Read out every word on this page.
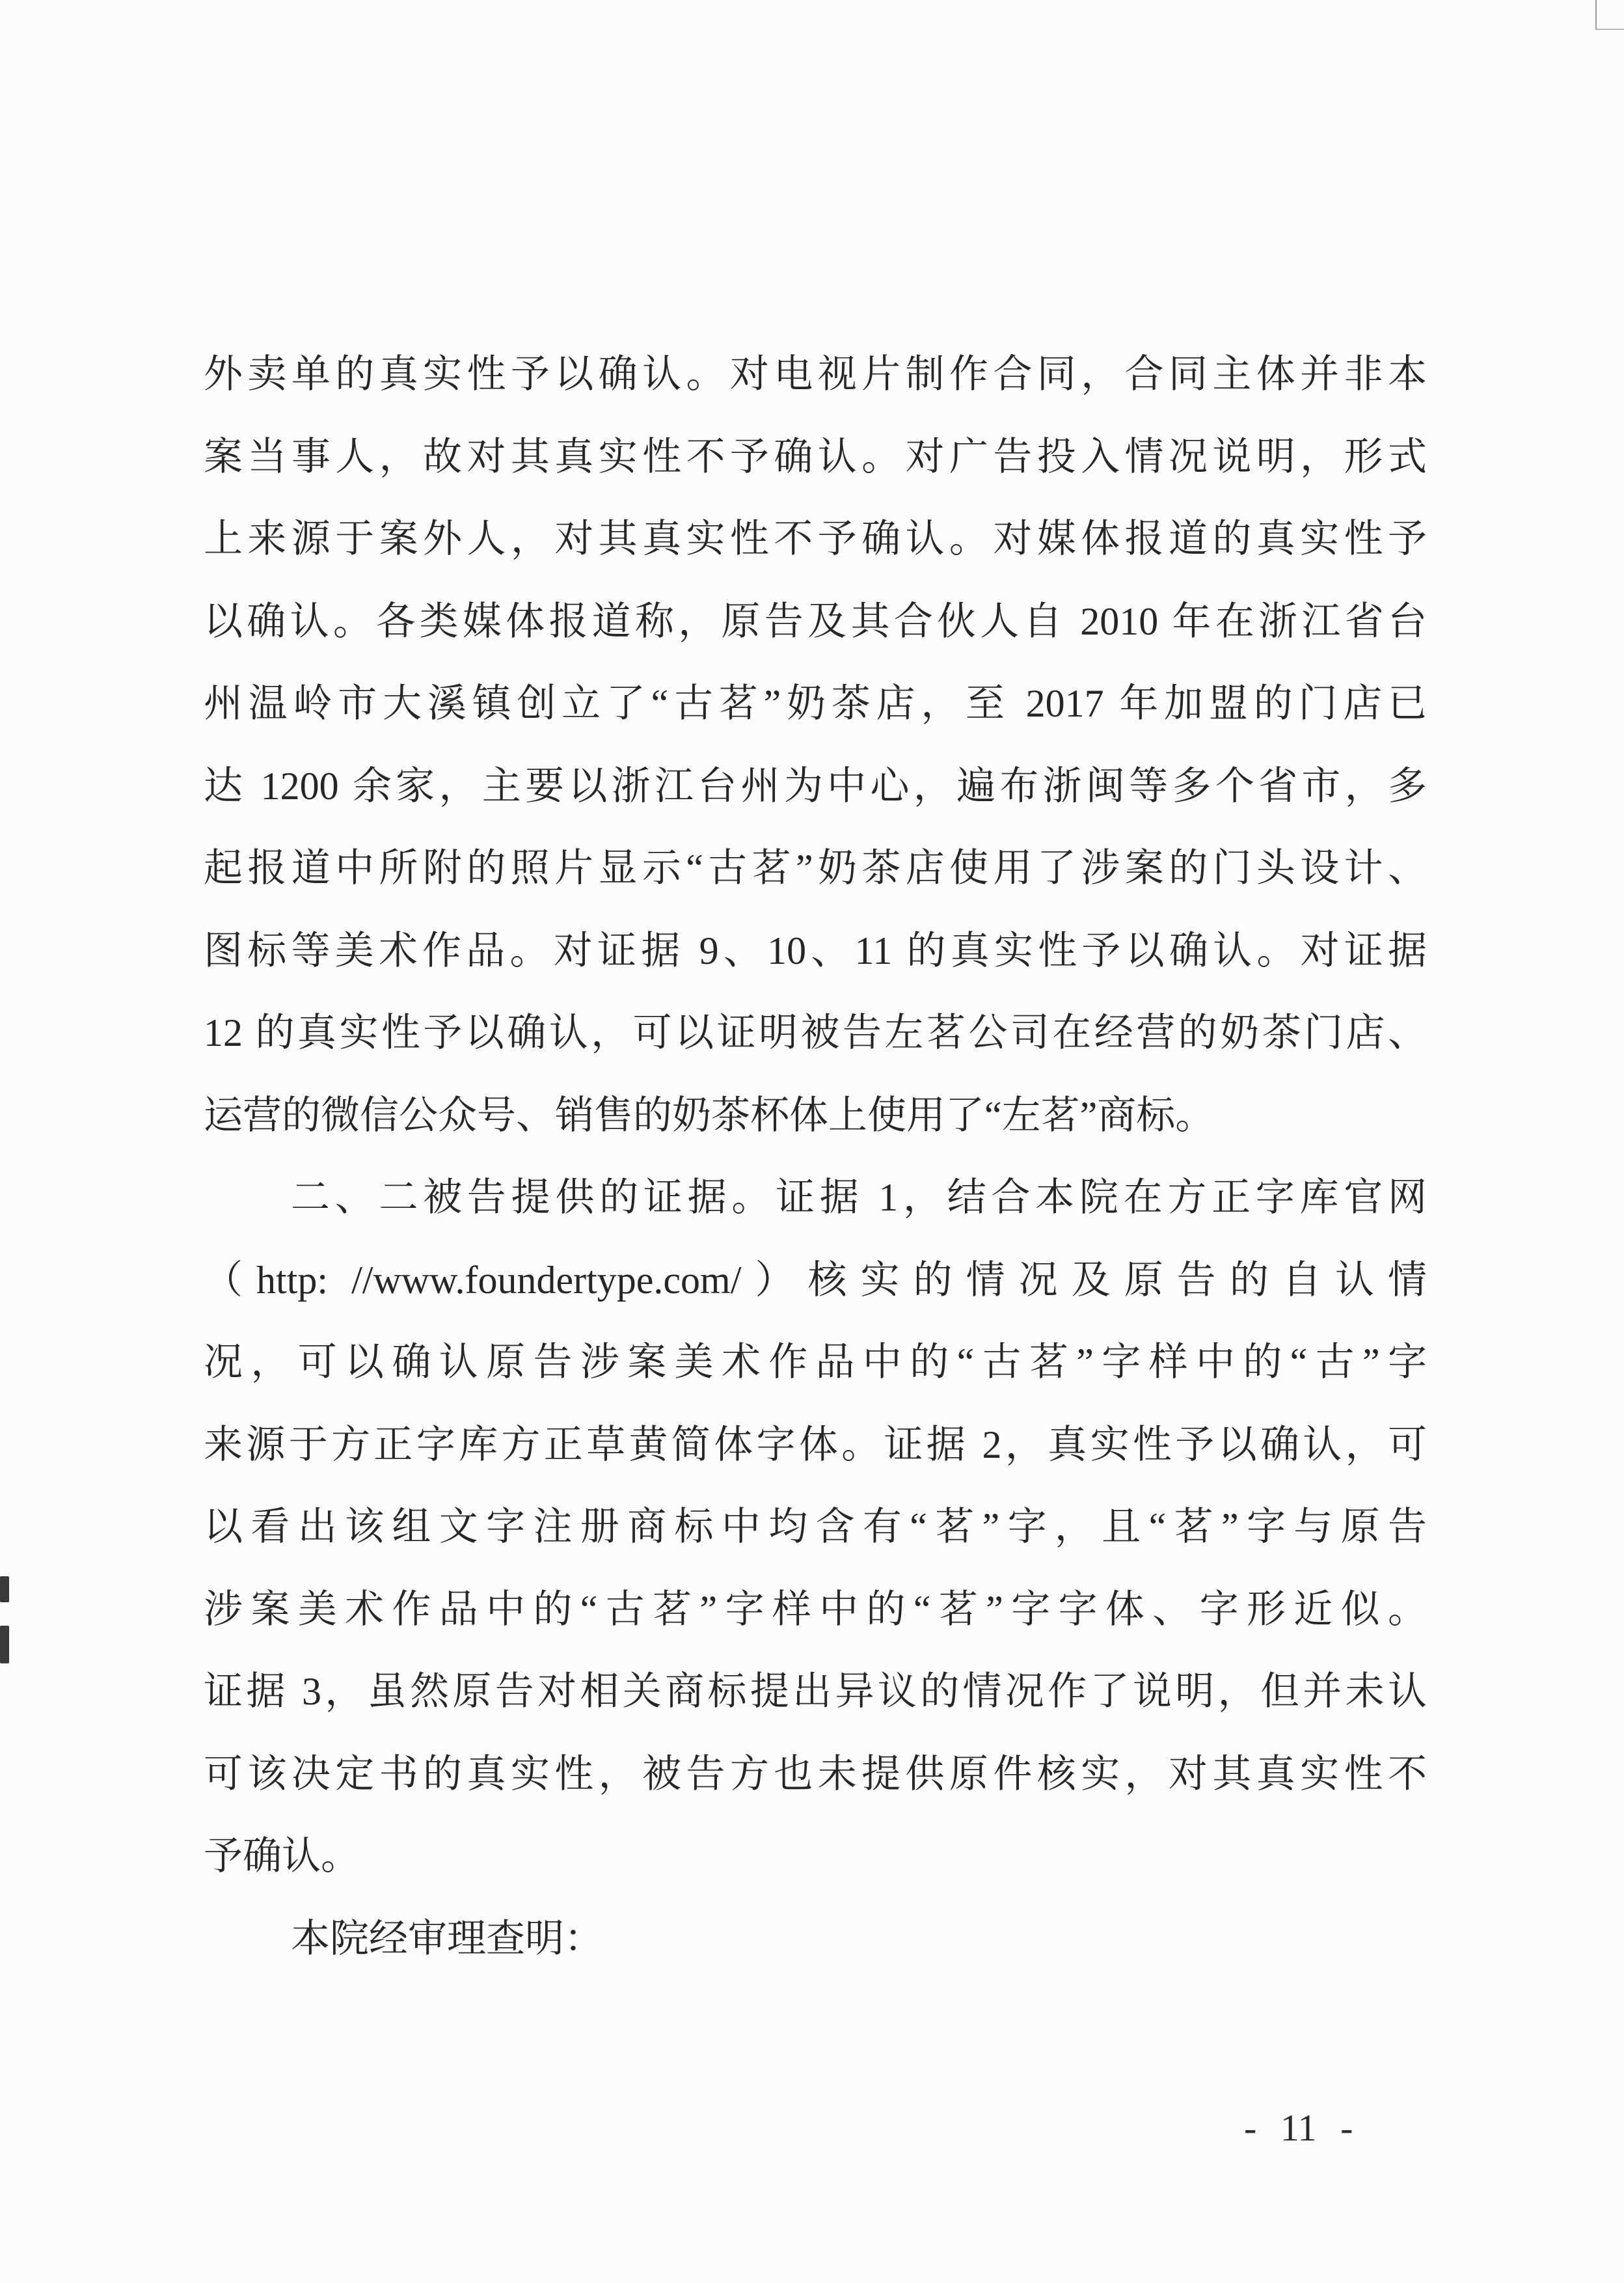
外卖单的真实性予以确认。对电视片制作合同，合同主体并非本
案当事人，故对其真实性不予确认。对广告投入情况说明，形式
上来源于案外人，对其真实性不予确认。对媒体报道的真实性予
以确认。各类媒体报道称，原告及其合伙人自 2010 年在浙江省台
州温岭市大溪镇创立了“古茗”奶茶店，至 2017 年加盟的门店已
达 1200 余家，主要以浙江台州为中心，遍布浙闽等多个省市，多
起报道中所附的照片显示“古茗”奶茶店使用了涉案的门头设计、
图标等美术作品。对证据 9、10、11 的真实性予以确认。对证据
12 的真实性予以确认，可以证明被告左茗公司在经营的奶茶门店、
运营的微信公众号、销售的奶茶杯体上使用了“左茗”商标。
二、二被告提供的证据。证据 1，结合本院在方正字库官网
（http: //www.foundertype.com/）核实的情况及原告的自认情
况，可以确认原告涉案美术作品中的“古茗”字样中的“古”字
来源于方正字库方正草黄简体字体。证据 2，真实性予以确认，可
以看出该组文字注册商标中均含有“茗”字，且“茗”字与原告
涉案美术作品中的“古茗”字样中的“茗”字字体、字形近似。
证据 3，虽然原告对相关商标提出异议的情况作了说明，但并未认
可该决定书的真实性，被告方也未提供原件核实，对其真实性不
予确认。
本院经审理查明：
- 11 -
